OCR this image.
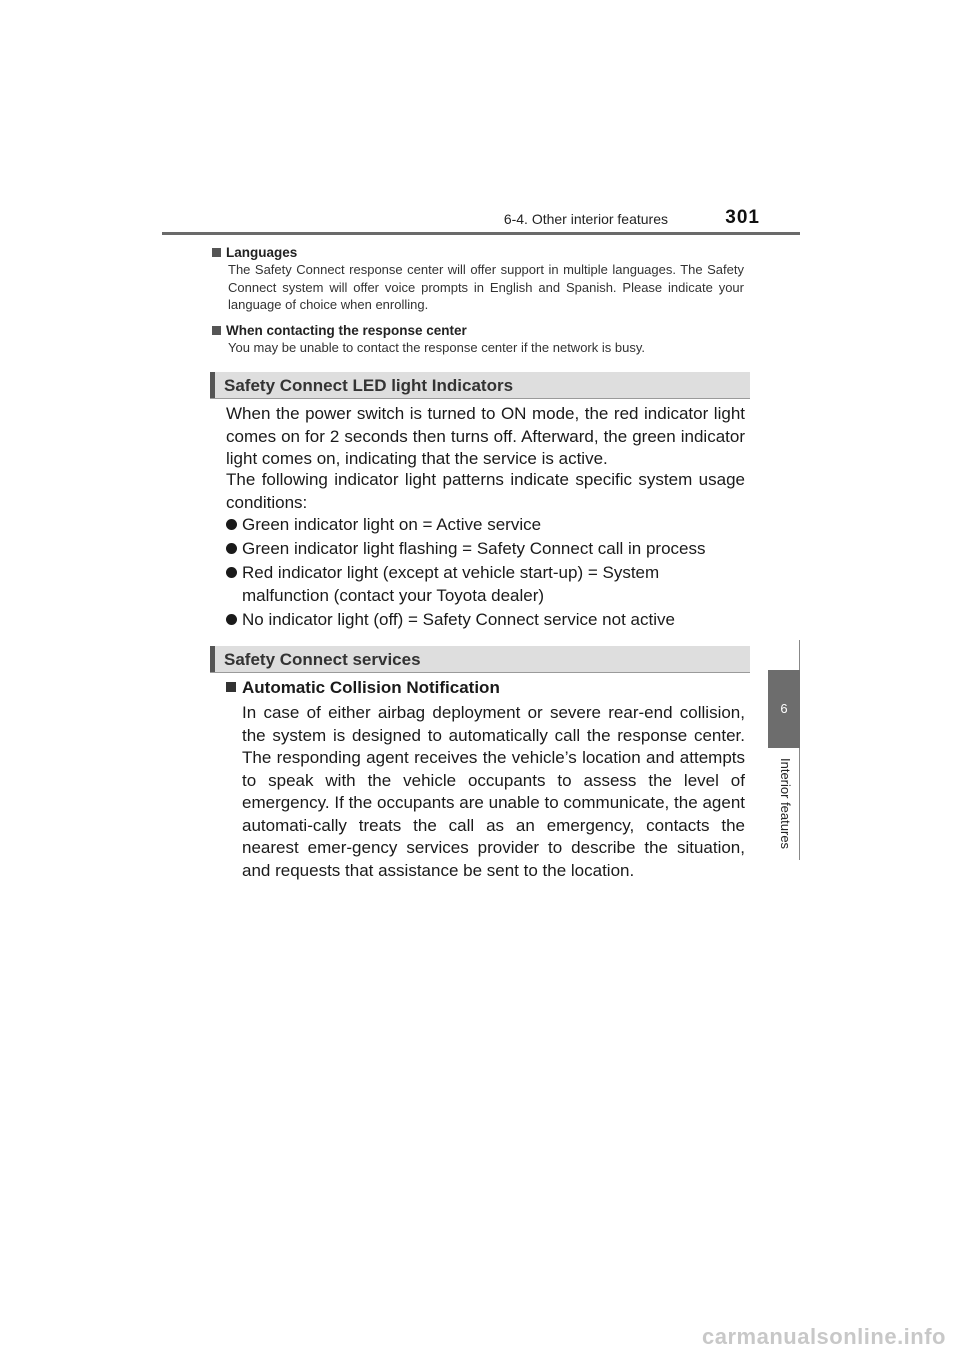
6-4. Other interior features	301
6
Interior features
Languages
The Safety Connect response center will offer support in multiple languages. The Safety Connect system will offer voice prompts in English and Spanish. Please indicate your language of choice when enrolling.
When contacting the response center
You may be unable to contact the response center if the network is busy.
Safety Connect LED light Indicators
When the power switch is turned to ON mode, the red indicator light comes on for 2 seconds then turns off. Afterward, the green indicator light comes on, indicating that the service is active.
The following indicator light patterns indicate specific system usage conditions:
Green indicator light on = Active service
Green indicator light flashing = Safety Connect call in process
Red indicator light (except at vehicle start-up) = System malfunction (contact your Toyota dealer)
No indicator light (off) = Safety Connect service not active
Safety Connect services
Automatic Collision Notification
In case of either airbag deployment or severe rear-end collision, the system is designed to automatically call the response center. The responding agent receives the vehicle’s location and attempts to speak with the vehicle occupants to assess the level of emergency. If the occupants are unable to communicate, the agent automati-cally treats the call as an emergency, contacts the nearest emer-gency services provider to describe the situation, and requests that assistance be sent to the location.
carmanualsonline.info
